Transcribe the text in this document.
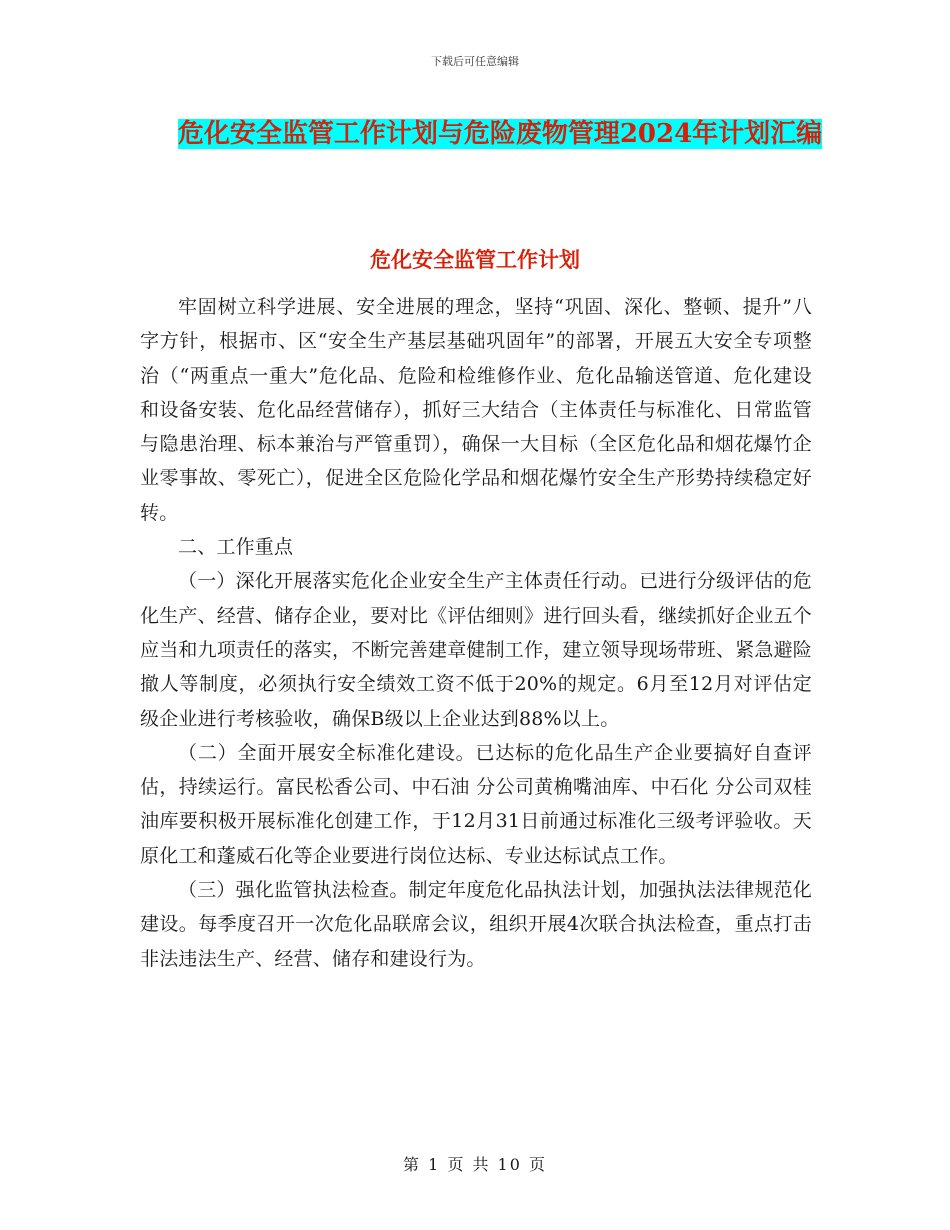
下载后可任意编辑
危化安全监管工作计划与危险废物管理2024年计划汇编
危化安全监管工作计划

牢固树立科学进展、安全进展的理念，坚持“巩固、深化、整顿、提升”八字方针，根据市、区“安全生产基层基础巩固年”的部署，开展五大安全专项整治（“两重点一重大”危化品、危险和检维修作业、危化品输送管道、危化建设和设备安装、危化品经营储存），抓好三大结合（主体责任与标准化、日常监管与隐患治理、标本兼治与严管重罚），确保一大目标（全区危化品和烟花爆竹企业零事故、零死亡），促进全区危险化学品和烟花爆竹安全生产形势持续稳定好转。

二、工作重点

（一）深化开展落实危化企业安全生产主体责任行动。已进行分级评估的危化生产、经营、储存企业，要对比《评估细则》进行回头看，继续抓好企业五个应当和九项责任的落实，不断完善建章健制工作，建立领导现场带班、紧急避险撤人等制度，必须执行安全绩效工资不低于20%的规定。6月至12月对评估定级企业进行考核验收，确保B级以上企业达到88%以上。

（二）全面开展安全标准化建设。已达标的危化品生产企业要搞好自查评估，持续运行。富民松香公司、中石油 分公司黄桷嘴油库、中石化 分公司双桂油库要积极开展标准化创建工作，于12月31日前通过标准化三级考评验收。天原化工和蓬威石化等企业要进行岗位达标、专业达标试点工作。

（三）强化监管执法检查。制定年度危化品执法计划，加强执法法律规范化建设。每季度召开一次危化品联席会议，组织开展4次联合执法检查，重点打击非法违法生产、经营、储存和建设行为。

第 1 页 共 10 页
